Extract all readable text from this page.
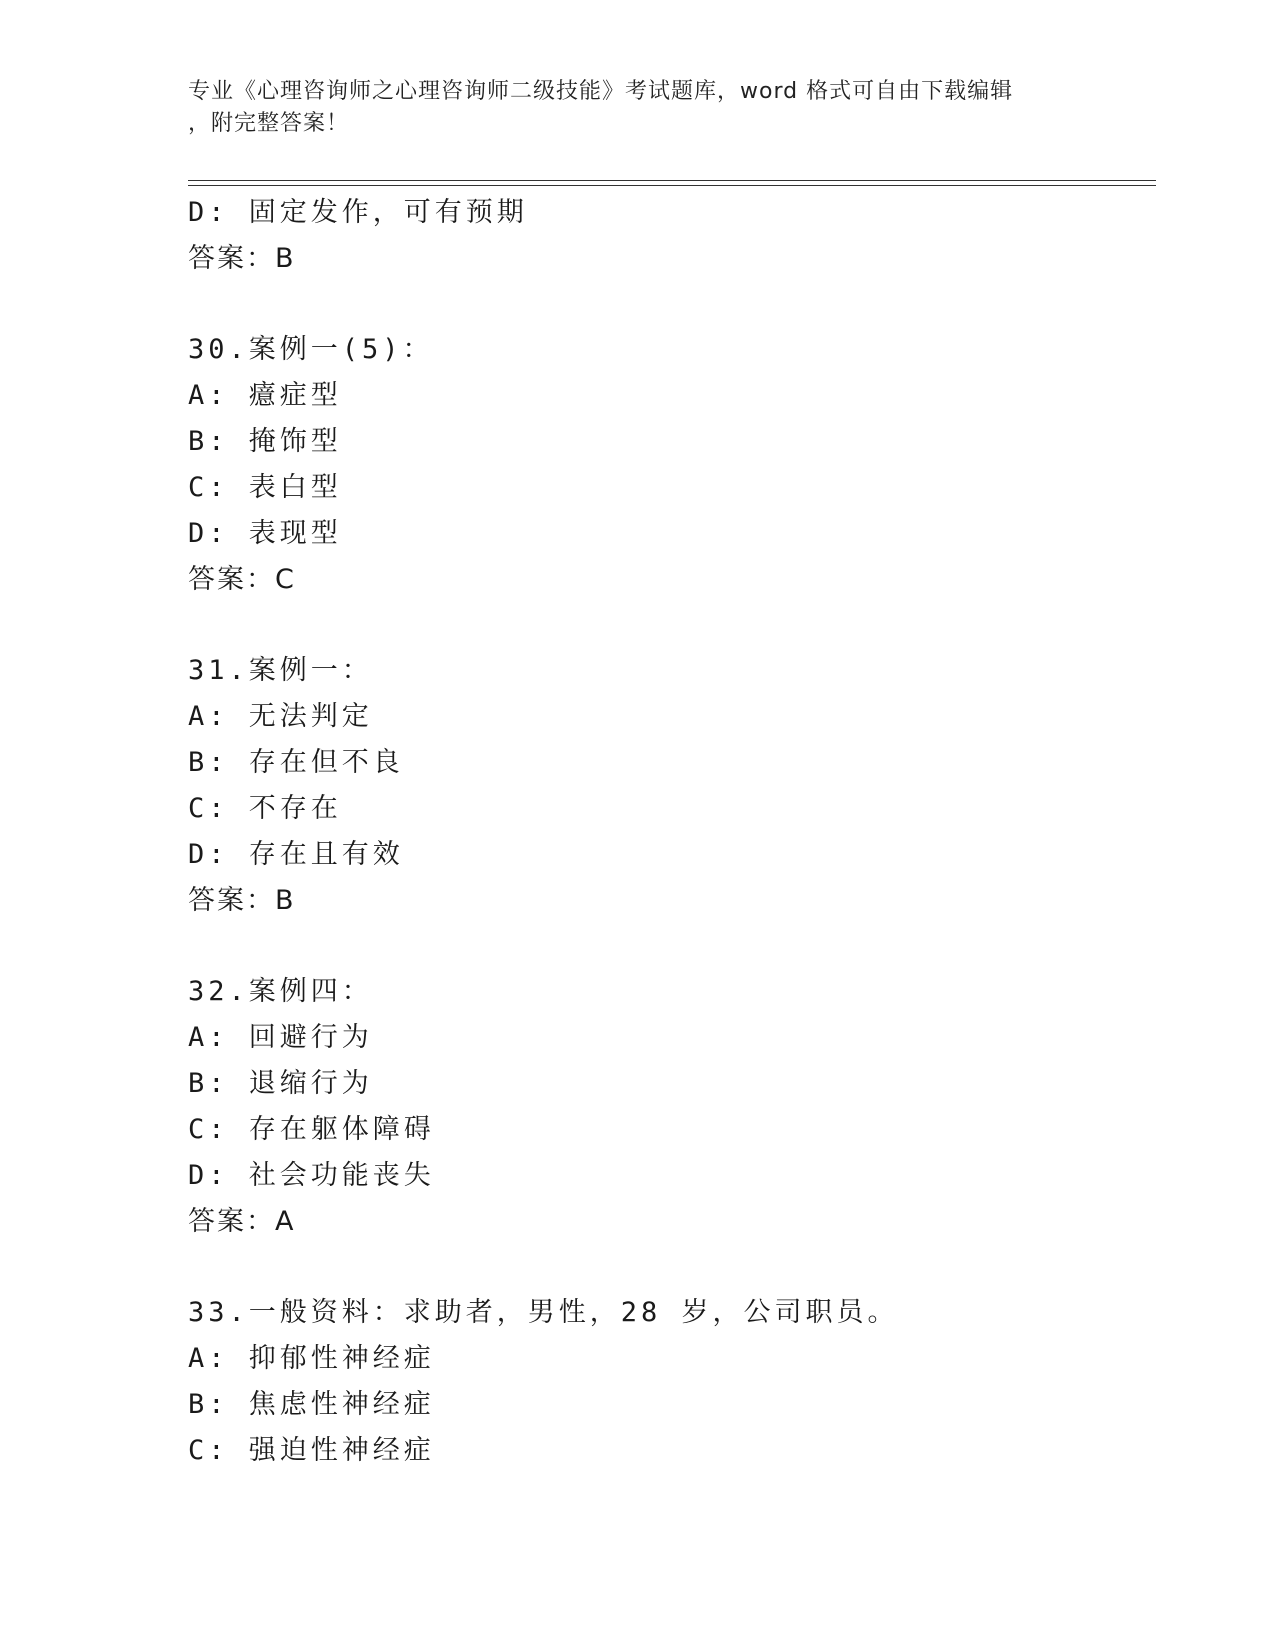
专业《心理咨询师之心理咨询师二级技能》考试题库，word 格式可自由下载编辑
，附完整答案！
D: 固定发作，可有预期
答案：B
30.案例一(5)：
A: 癔症型
B: 掩饰型
C: 表白型
D: 表现型
答案：C
31.案例一：
A: 无法判定
B: 存在但不良
C: 不存在
D: 存在且有效
答案：B
32.案例四：
A: 回避行为
B: 退缩行为
C: 存在躯体障碍
D: 社会功能丧失
答案：A
33.一般资料：求助者，男性，28 岁，公司职员。
A: 抑郁性神经症
B: 焦虑性神经症
C: 强迫性神经症
